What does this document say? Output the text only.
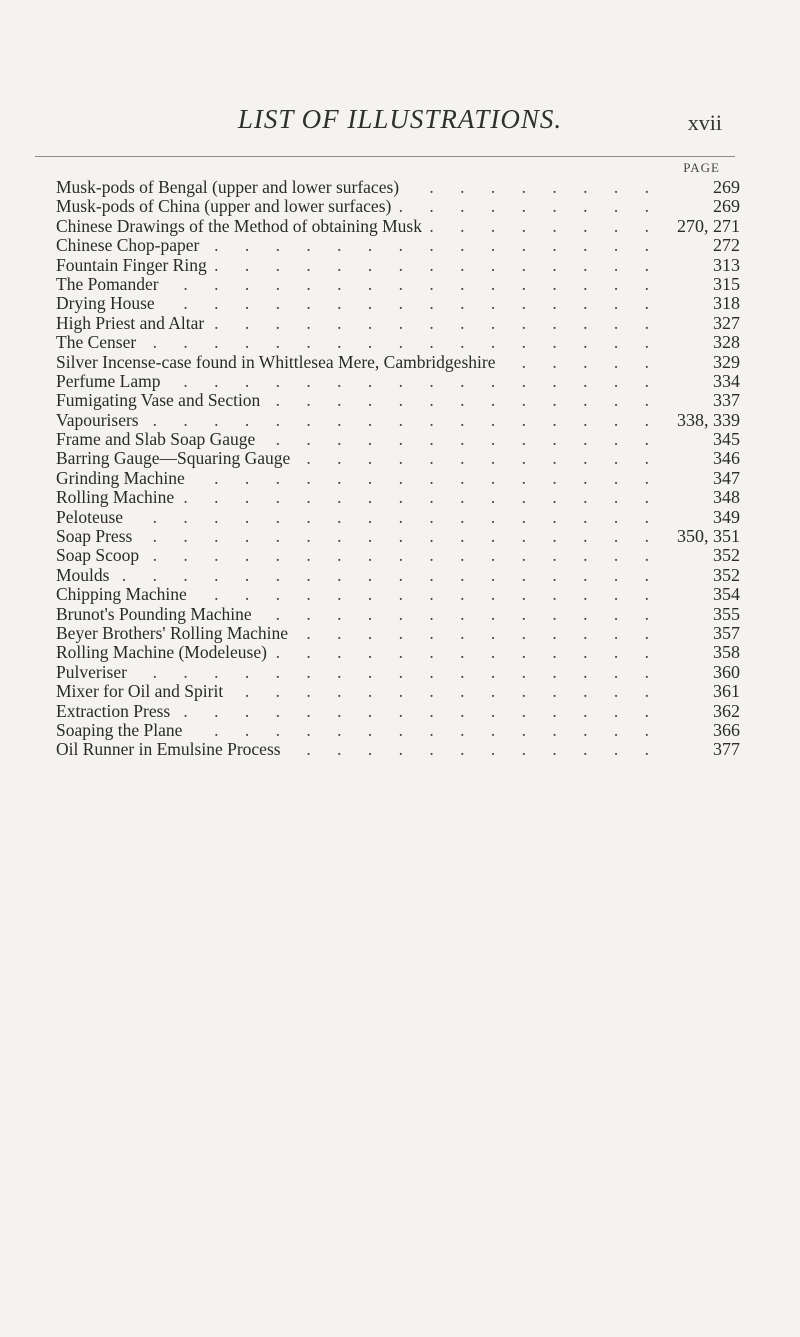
LIST OF ILLUSTRATIONS.	xvii
PAGE
Musk-pods of Bengal (upper and lower surfaces) . . .	269
Musk-pods of China (upper and lower surfaces) . . .	269
Chinese Drawings of the Method of obtaining Musk . . .	270, 271
Chinese Chop-paper . . .	272
Fountain Finger Ring . . .	313
The Pomander . . .	315
Drying House . . .	318
High Priest and Altar . . .	327
The Censer . . .	328
Silver Incense-case found in Whittlesea Mere, Cambridgeshire . . .	329
Perfume Lamp . . .	334
Fumigating Vase and Section . . .	337
Vapourisers . . .	338, 339
Frame and Slab Soap Gauge . . .	345
Barring Gauge—Squaring Gauge . . .	346
Grinding Machine . . .	347
Rolling Machine . . .	348
Peloteuse . . .	349
Soap Press . . .	350, 351
Soap Scoop . . .	352
Moulds . . .	352
Chipping Machine . . .	354
Brunot's Pounding Machine . . .	355
Beyer Brothers' Rolling Machine . . .	357
Rolling Machine (Modeleuse) . . .	358
Pulveriser . . .	360
Mixer for Oil and Spirit . . .	361
Extraction Press . . .	362
Soaping the Plane . . .	366
Oil Runner in Emulsine Process . . .	377
